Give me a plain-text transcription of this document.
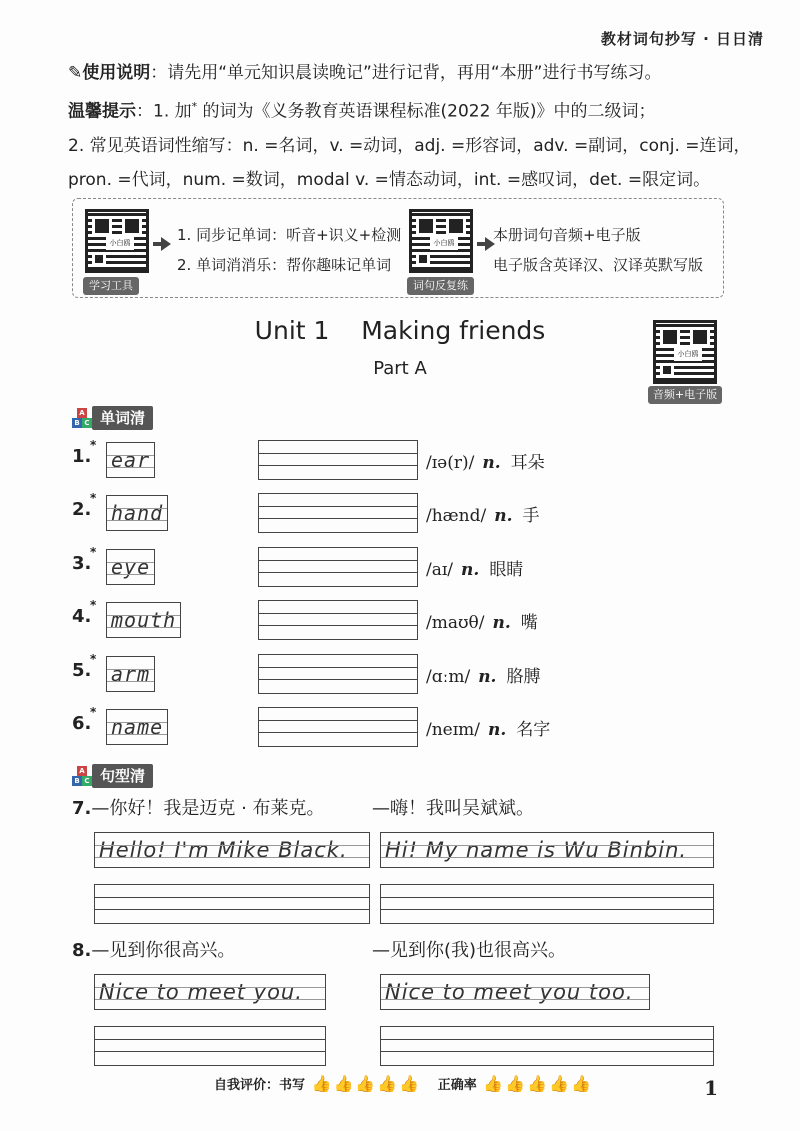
教材词句抄写 · 日日清
✎使用说明：请先用“单元知识晨读晚记”进行记背，再用“本册”进行书写练习。
温馨提示：1. 加* 的词为《义务教育英语课程标准(2022 年版)》中的二级词；
2. 常见英语词性缩写：n. =名词，v. =动词，adj. =形容词，adv. =副词，conj. =连词，
pron. =代词，num. =数词，modal v. =情态动词，int. =感叹词，det. =限定词。
小白鸥
学习工具
1. 同步记单词：听音+识义+检测
2. 单词消消乐：帮你趣味记单词
小白鸥
词句反复练
本册词句音频+电子版
电子版含英译汉、汉译英默写版
Unit 1    Making friends
Part A
小白鸥
音频+电子版
A
B C 单词清
1.
*
ear	/ɪə(r)/ n. 耳朵
2.
*
hand	/hænd/ n. 手
3.
*
eye	/aɪ/ n. 眼睛
4.
*
mouth	/maʊθ/ n. 嘴
5.
*
arm	/ɑːm/ n. 胳膊
6.
*
name	/neɪm/ n. 名字
A
B C 句型清
7.—你好！我是迈克 · 布莱克。	—嗨！我叫吴斌斌。
Hello! I'm Mike Black.	Hi! My name is Wu Binbin.
8.—见到你很高兴。	—见到你(我)也很高兴。
Nice to meet you.	Nice to meet you too.
自我评价：书写 👍 👍 👍 👍 👍 正确率 👍 👍 👍 👍 👍	1
